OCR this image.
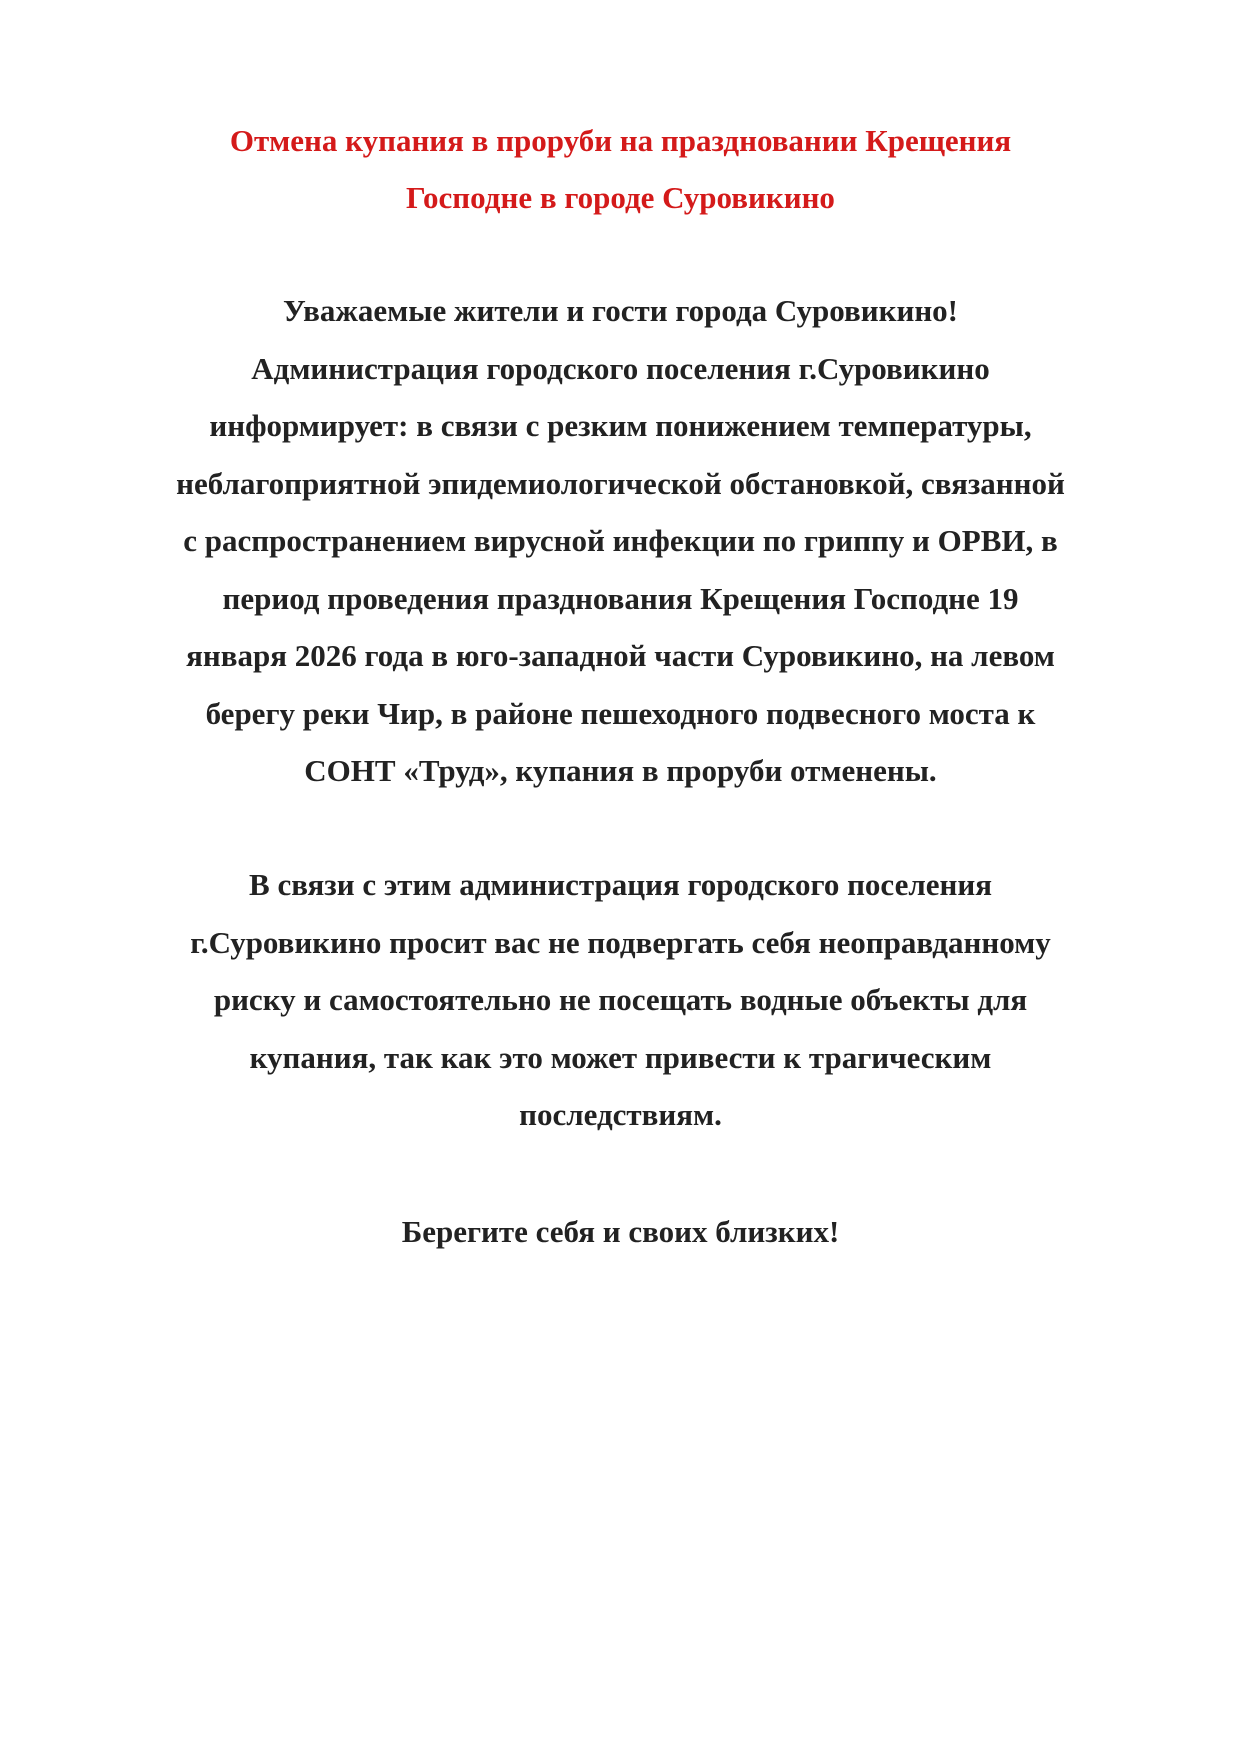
Отмена купания в проруби на праздновании Крещения
Господне в городе Суровикино
Уважаемые жители и гости города Суровикино!
Администрация городского поселения г.Суровикино
информирует: в связи с резким понижением температуры,
неблагоприятной эпидемиологической обстановкой, связанной
с распространением вирусной инфекции по гриппу и ОРВИ, в
период проведения празднования Крещения Господне 19
января 2026 года в юго-западной части Суровикино, на левом
берегу реки Чир, в районе пешеходного подвесного моста к
СОНТ «Труд», купания в проруби отменены.
В связи с этим администрация городского поселения
г.Суровикино просит вас не подвергать себя неоправданному
риску и самостоятельно не посещать водные объекты для
купания, так как это может привести к трагическим
последствиям.
Берегите себя и своих близких!
